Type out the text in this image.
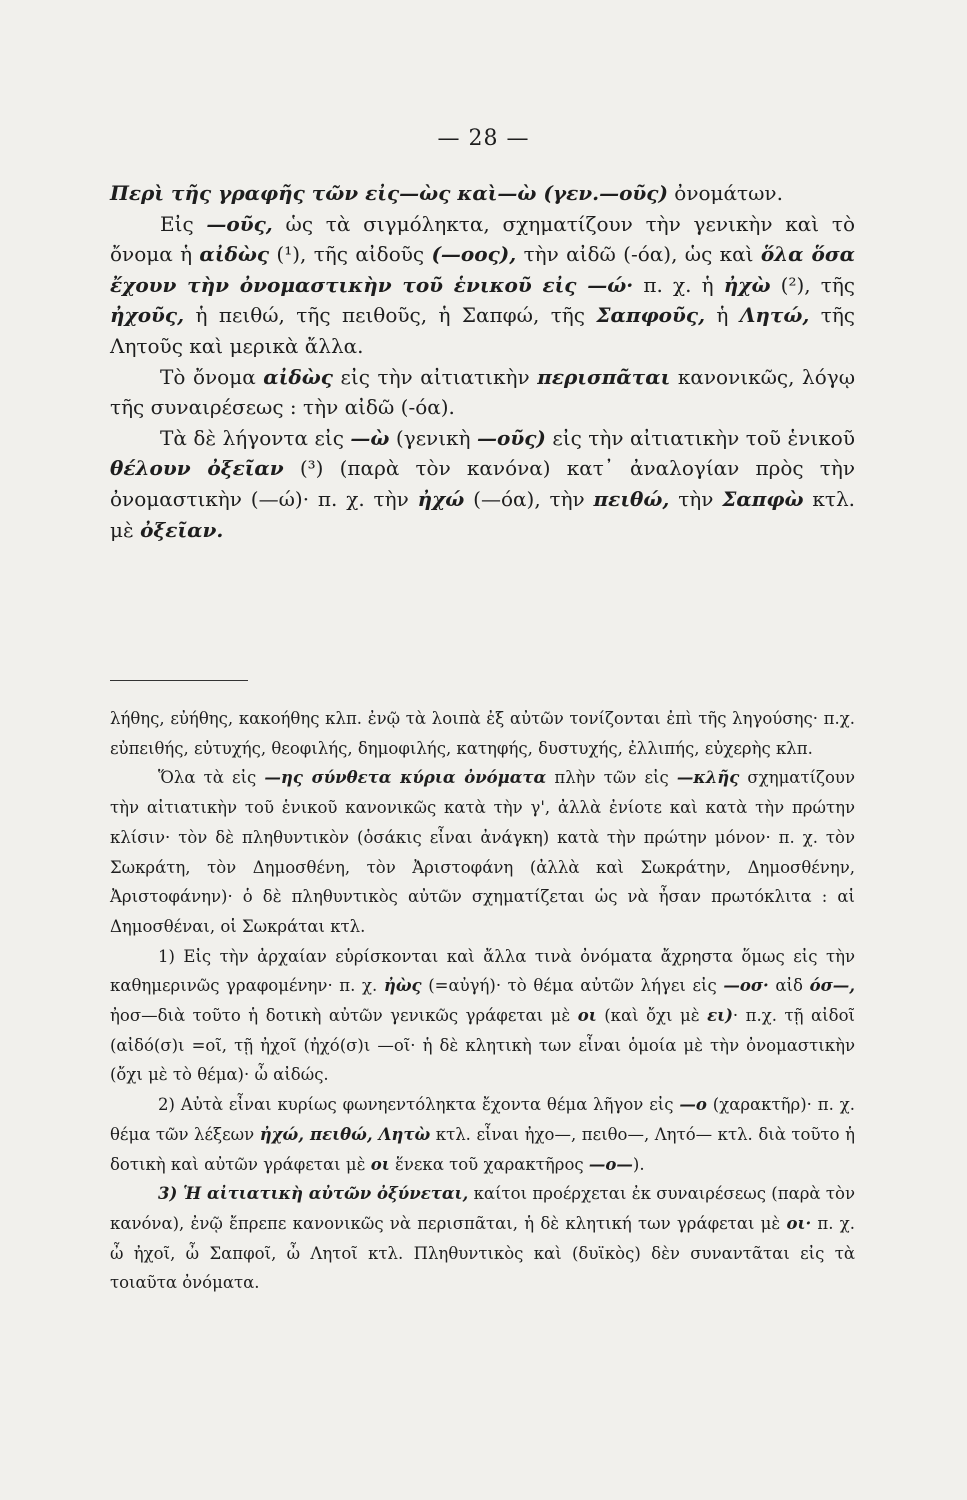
— 28 —

Περὶ τῆς γραφῆς τῶν εἰς—ὼς καὶ—ὼ (γεν.—οῦς) ὀνομάτων.

Εἰς —οῦς, ὡς τὰ σιγμόληκτα, σχηματίζουν τὴν γενικὴν καὶ τὸ ὄνομα ἡ αἰδὼς (¹), τῆς αἰδοῦς (—οος), τὴν αἰδῶ (-όα), ὡς καὶ ὅλα ὅσα ἔχουν τὴν ὀνομαστικὴν τοῦ ἑνικοῦ εἰς —ώ· π. χ. ἡ ἠχὼ (²), τῆς ἠχοῦς, ἡ πειθώ, τῆς πειθοῦς, ἡ Σαπφώ, τῆς Σαπφοῦς, ἡ Λητώ, τῆς Λητοῦς καὶ μερικὰ ἄλλα.

Τὸ ὄνομα αἰδὼς εἰς τὴν αἰτιατικὴν περισπᾶται κανονικῶς, λόγῳ τῆς συναιρέσεως : τὴν αἰδῶ (-όα).

Τὰ δὲ λήγοντα εἰς —ὼ (γενικὴ —οῦς) εἰς τὴν αἰτιατικὴν τοῦ ἑνικοῦ θέλουν ὀξεῖαν (³) (παρὰ τὸν κανόνα) κατ᾽ ἀναλογίαν πρὸς τὴν ὀνομαστικὴν (—ώ)· π. χ. τὴν ἠχώ (—όα), τὴν πειθώ, τὴν Σαπφὼ κτλ. μὲ ὀξεῖαν.

λήθης, εὐήθης, κακοήθης κλπ. ἐνῷ τὰ λοιπὰ ἐξ αὐτῶν τονίζονται ἐπὶ τῆς ληγούσης· π.χ. εὐπειθής, εὐτυχής, θεοφιλής, δημοφιλής, κατηφής, δυστυχής, ἐλλιπής, εὐχερὴς κλπ.

Ὅλα τὰ εἰς —ης σύνθετα κύρια ὀνόματα πλὴν τῶν εἰς —κλῆς σχηματίζουν τὴν αἰτιατικὴν τοῦ ἑνικοῦ κανονικῶς κατὰ τὴν γ', ἀλλὰ ἐνίοτε καὶ κατὰ τὴν πρώτην κλίσιν· τὸν δὲ πληθυντικὸν (ὁσάκις εἶναι ἀνάγκη) κατὰ τὴν πρώτην μόνον· π. χ. τὸν Σωκράτη, τὸν Δημοσθένη, τὸν Ἀριστοφάνη (ἀλλὰ καὶ Σωκράτην, Δημοσθένην, Ἀριστοφάνην)· ὁ δὲ πληθυντικὸς αὐτῶν σχηματίζεται ὡς νὰ ἦσαν πρωτόκλιτα : αἱ Δημοσθέναι, οἱ Σωκράται κτλ.

1) Εἰς τὴν ἀρχαίαν εὑρίσκονται καὶ ἄλλα τινὰ ὀνόματα ἄχρηστα ὅμως εἰς τὴν καθημερινῶς γραφομένην· π. χ. ἠὼς (=αὐγή)· τὸ θέμα αὐτῶν λήγει εἰς —οσ· αἰδ όσ—, ἠοσ—διὰ τοῦτο ἡ δοτικὴ αὐτῶν γενικῶς γράφεται μὲ οι (καὶ ὄχι μὲ ει)· π.χ. τῇ αἰδοῖ (αἰδό(σ)ι =οῖ, τῇ ἠχοῖ (ἠχό(σ)ι —οῖ· ἡ δὲ κλητικὴ των εἶναι ὁμοία μὲ τὴν ὀνομαστικὴν (ὄχι μὲ τὸ θέμα)· ὦ αἰδώς.

2) Αὐτὰ εἶναι κυρίως φωνηεντόληκτα ἔχοντα θέμα λῆγον εἰς —ο (χαρακτῆρ)· π. χ. θέμα τῶν λέξεων ἠχώ, πειθώ, Λητὼ κτλ. εἶναι ἠχο—, πειθο—, Λητό— κτλ. διὰ τοῦτο ἡ δοτικὴ καὶ αὐτῶν γράφεται μὲ οι ἕνεκα τοῦ χαρακτῆρος —ο—).

3) Ἡ αἰτιατικὴ αὐτῶν ὀξύνεται, καίτοι προέρχεται ἐκ συναιρέσεως (παρὰ τὸν κανόνα), ἐνῷ ἔπρεπε κανονικῶς νὰ περισπᾶται, ἡ δὲ κλητική των γράφεται μὲ οι· π. χ. ὦ ἠχοῖ, ὦ Σαπφοῖ, ὦ Λητοῖ κτλ. Πληθυντικὸς καὶ (δυϊκὸς) δὲν συναντᾶται εἰς τὰ τοιαῦτα ὀνόματα.
